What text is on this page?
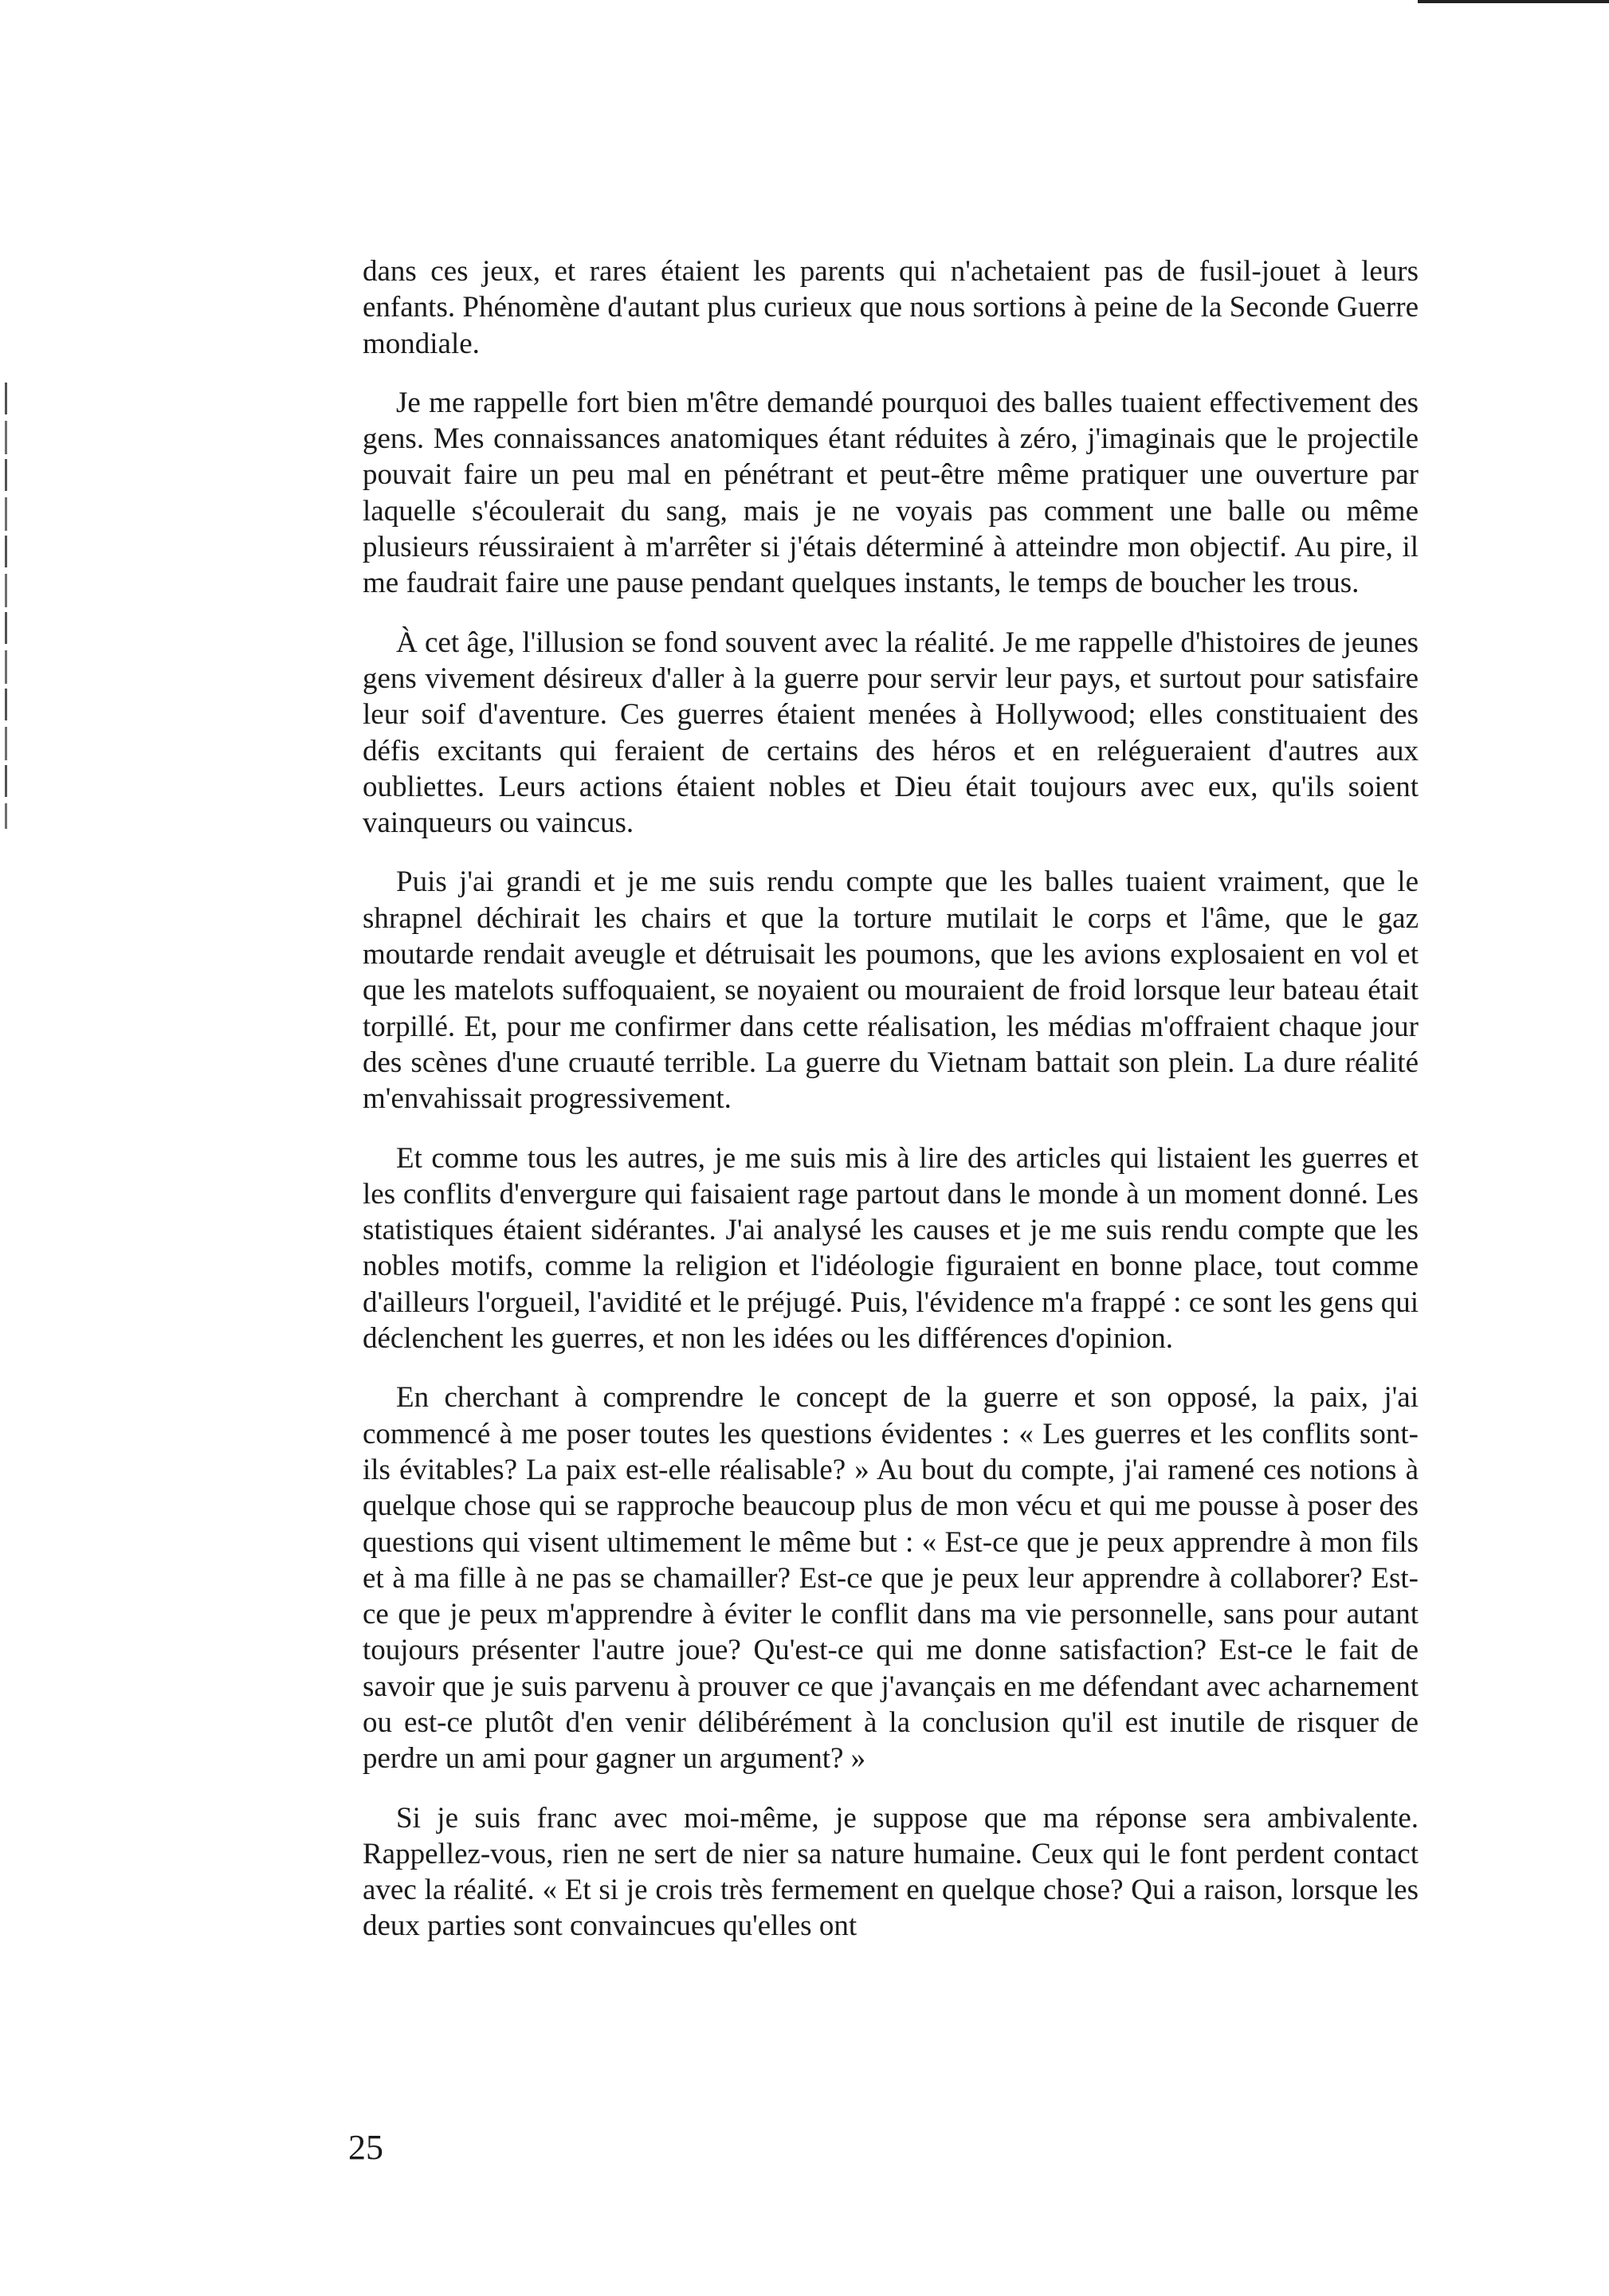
dans ces jeux, et rares étaient les parents qui n'achetaient pas de fusil-jouet à leurs enfants. Phénomène d'autant plus curieux que nous sortions à peine de la Seconde Guerre mondiale.

Je me rappelle fort bien m'être demandé pourquoi des balles tuaient effectivement des gens. Mes connaissances anatomiques étant réduites à zéro, j'imaginais que le projectile pouvait faire un peu mal en pénétrant et peut-être même pratiquer une ouverture par laquelle s'écoulerait du sang, mais je ne voyais pas comment une balle ou même plusieurs réussiraient à m'arrêter si j'étais déterminé à atteindre mon objectif. Au pire, il me faudrait faire une pause pendant quelques instants, le temps de boucher les trous.

À cet âge, l'illusion se fond souvent avec la réalité. Je me rappelle d'histoires de jeunes gens vivement désireux d'aller à la guerre pour servir leur pays, et surtout pour satisfaire leur soif d'aventure. Ces guerres étaient menées à Hollywood; elles constituaient des défis excitants qui feraient de certains des héros et en relégueraient d'autres aux oubliettes. Leurs actions étaient nobles et Dieu était toujours avec eux, qu'ils soient vainqueurs ou vaincus.

Puis j'ai grandi et je me suis rendu compte que les balles tuaient vraiment, que le shrapnel déchirait les chairs et que la torture mutilait le corps et l'âme, que le gaz moutarde rendait aveugle et détruisait les poumons, que les avions explosaient en vol et que les matelots suffoquaient, se noyaient ou mouraient de froid lorsque leur bateau était torpillé. Et, pour me confirmer dans cette réalisation, les médias m'offraient chaque jour des scènes d'une cruauté terrible. La guerre du Vietnam battait son plein. La dure réalité m'envahissait progressivement.

Et comme tous les autres, je me suis mis à lire des articles qui listaient les guerres et les conflits d'envergure qui faisaient rage partout dans le monde à un moment donné. Les statistiques étaient sidérantes. J'ai analysé les causes et je me suis rendu compte que les nobles motifs, comme la religion et l'idéologie figuraient en bonne place, tout comme d'ailleurs l'orgueil, l'avidité et le préjugé. Puis, l'évidence m'a frappé : ce sont les gens qui déclenchent les guerres, et non les idées ou les différences d'opinion.

En cherchant à comprendre le concept de la guerre et son opposé, la paix, j'ai commencé à me poser toutes les questions évidentes : « Les guerres et les conflits sont-ils évitables? La paix est-elle réalisable? » Au bout du compte, j'ai ramené ces notions à quelque chose qui se rapproche beaucoup plus de mon vécu et qui me pousse à poser des questions qui visent ultimement le même but : « Est-ce que je peux apprendre à mon fils et à ma fille à ne pas se chamailler? Est-ce que je peux leur apprendre à collaborer? Est-ce que je peux m'apprendre à éviter le conflit dans ma vie personnelle, sans pour autant toujours présenter l'autre joue? Qu'est-ce qui me donne satisfaction? Est-ce le fait de savoir que je suis parvenu à prouver ce que j'avançais en me défendant avec acharnement ou est-ce plutôt d'en venir délibérément à la conclusion qu'il est inutile de risquer de perdre un ami pour gagner un argument? »

Si je suis franc avec moi-même, je suppose que ma réponse sera ambivalente. Rappellez-vous, rien ne sert de nier sa nature humaine. Ceux qui le font perdent contact avec la réalité. « Et si je crois très fermement en quelque chose? Qui a raison, lorsque les deux parties sont convaincues qu'elles ont

25
